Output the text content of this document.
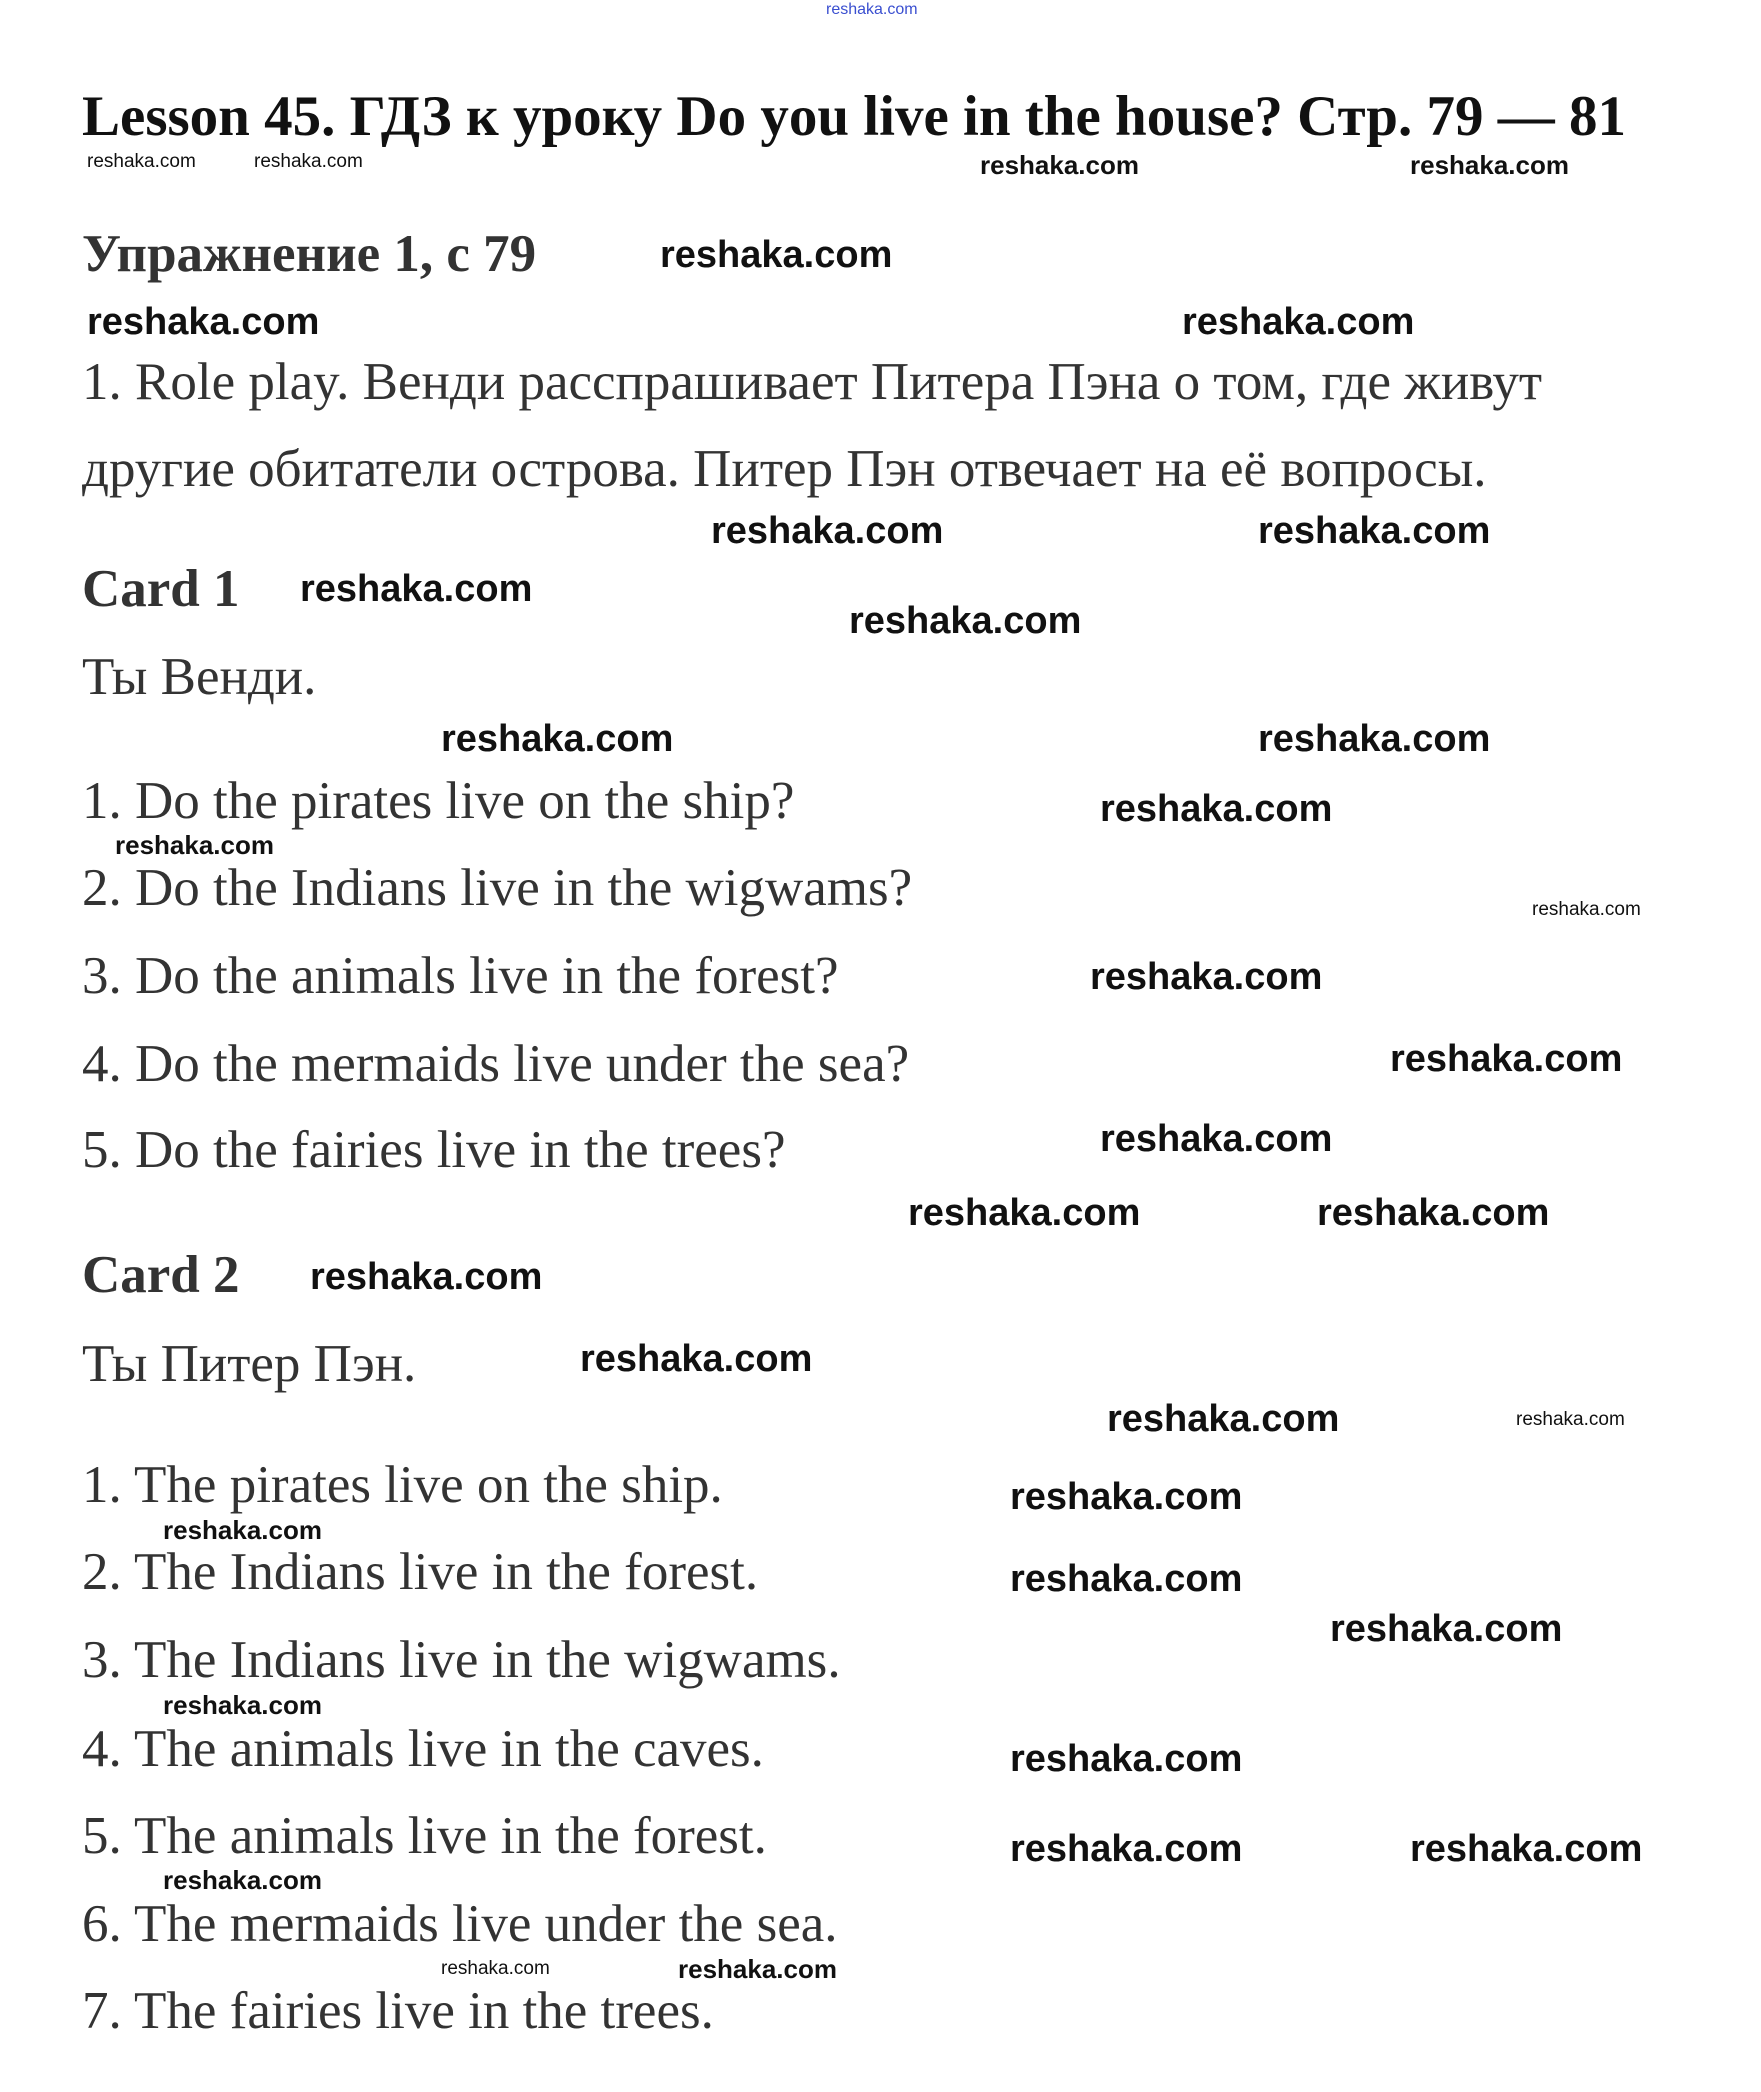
reshaka.com
Lesson 45. ГДЗ к уроку Do you live in the house? Стр. 79 — 81
Упражнение 1, с 79
1. Role play. Венди расспрашивает Питера Пэна о том, где живут
другие обитатели острова. Питер Пэн отвечает на её вопросы.
Card 1
Ты Венди.
1. Do the pirates live on the ship?
2. Do the Indians live in the wigwams?
3. Do the animals live in the forest?
4. Do the mermaids live under the sea?
5. Do the fairies live in the trees?
Card 2
Ты Питер Пэн.
1. The pirates live on the ship.
2. The Indians live in the forest.
3. The Indians live in the wigwams.
4. The animals live in the caves.
5. The animals live in the forest.
6. The mermaids live under the sea.
7. The fairies live in the trees.
reshaka.com	reshaka.com	reshaka.com	reshaka.com
reshaka.com
reshaka.com	reshaka.com
reshaka.com
reshaka.com
reshaka.com
reshaka.com
reshaka.com	reshaka.com
reshaka.com
reshaka.com
reshaka.com
reshaka.com
reshaka.com
reshaka.com
reshaka.com	reshaka.com
reshaka.com
reshaka.com
reshaka.com	reshaka.com
reshaka.com
reshaka.com
reshaka.com
reshaka.com
reshaka.com
reshaka.com
reshaka.com	reshaka.com
reshaka.com
reshaka.com	reshaka.com
